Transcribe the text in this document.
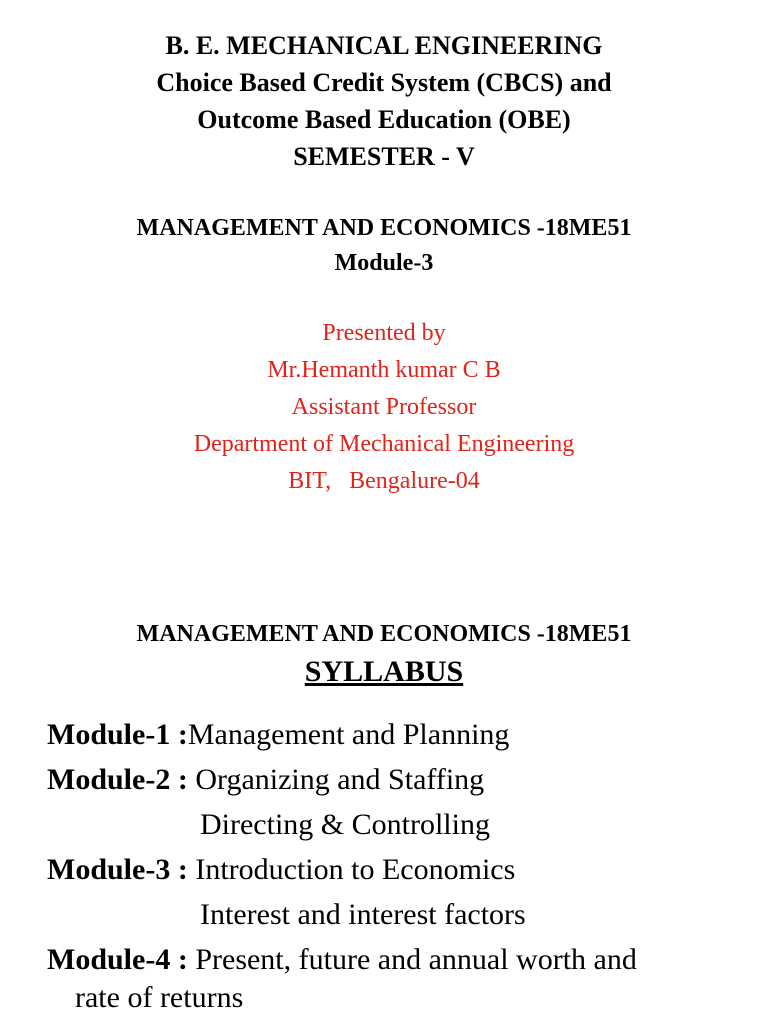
B. E. MECHANICAL ENGINEERING
Choice Based Credit System (CBCS) and
Outcome Based Education (OBE)
SEMESTER - V
MANAGEMENT AND ECONOMICS -18ME51
Module-3
Presented by
Mr.Hemanth kumar C B
Assistant Professor
Department of Mechanical Engineering
BIT,   Bengalure-04
MANAGEMENT AND ECONOMICS -18ME51
SYLLABUS
Module-1 :Management and Planning
Module-2 : Organizing and Staffing
Directing & Controlling
Module-3 : Introduction to Economics
Interest and interest factors
Module-4 : Present, future and annual worth and
rate of returns
